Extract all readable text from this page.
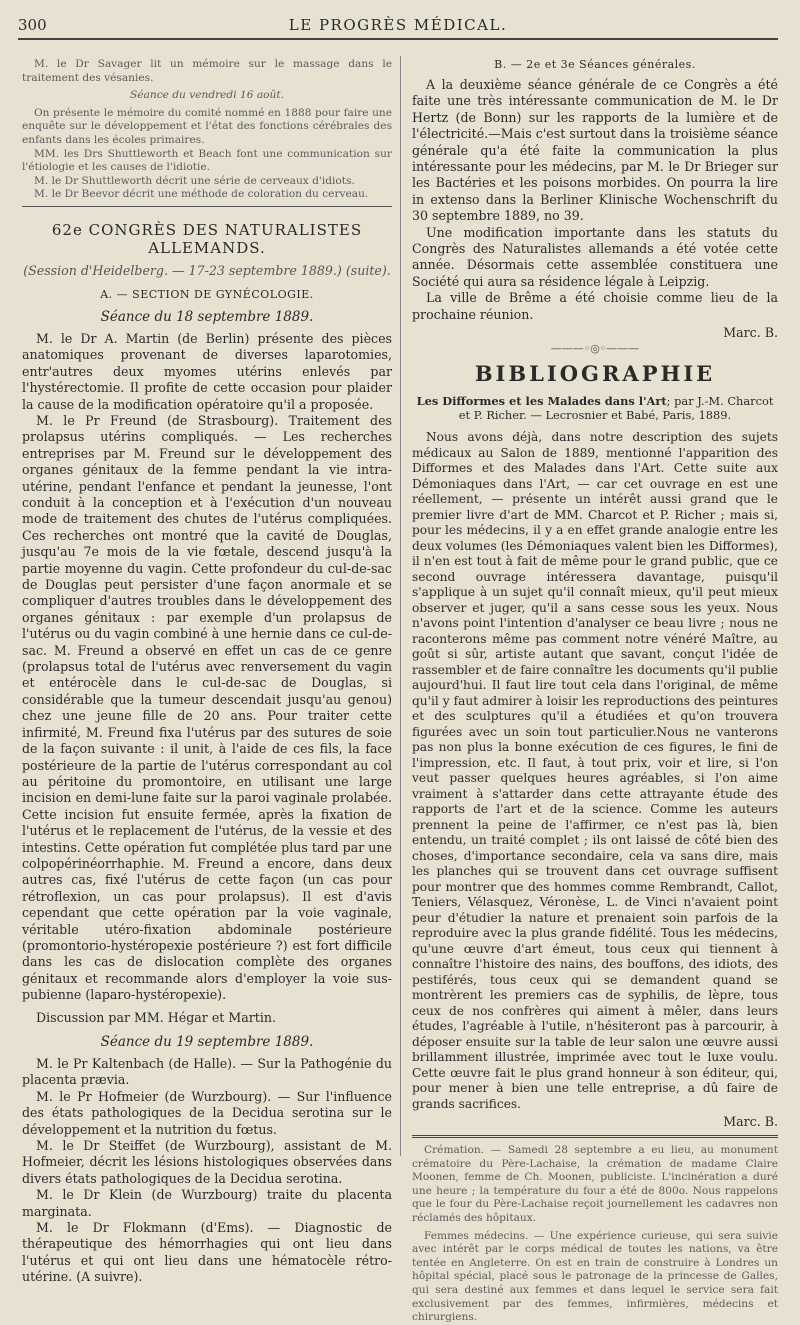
300	LE PROGRÈS MÉDICAL.

M. le Dr Savager lit un mémoire sur le massage dans le traitement des vésanies.

Séance du vendredi 16 août.

On présente le mémoire du comité nommé en 1888 pour faire une enquête sur le développement et l'état des fonctions cérébrales des enfants dans les écoles primaires.

MM. les Drs Shuttleworth et Beach font une communication sur l'étiologie et les causes de l'idiotie.

M. le Dr Shuttleworth décrit une série de cerveaux d'idiots.

M. le Dr Beevor décrit une méthode de coloration du cerveau.

62e CONGRÈS DES NATURALISTES ALLEMANDS.

(Session d'Heidelberg. — 17-23 septembre 1889.) (suite).

A. — SECTION DE GYNÉCOLOGIE.

Séance du 18 septembre 1889.

M. le Dr A. Martin (de Berlin) présente des pièces anatomiques provenant de diverses laparotomies, entr'autres deux myomes utérins enlevés par l'hystérectomie. Il profite de cette occasion pour plaider la cause de la modification opératoire qu'il a proposée.

M. le Pr Freund (de Strasbourg). Traitement des prolapsus utérins compliqués. — Les recherches entreprises par M. Freund sur le développement des organes génitaux de la femme pendant la vie intra-utérine, pendant l'enfance et pendant la jeunesse, l'ont conduit à la conception et à l'exécution d'un nouveau mode de traitement des chutes de l'utérus compliquées. Ces recherches ont montré que la cavité de Douglas, jusqu'au 7e mois de la vie fœtale, descend jusqu'à la partie moyenne du vagin. Cette profondeur du cul-de-sac de Douglas peut persister d'une façon anormale et se compliquer d'autres troubles dans le développement des organes génitaux : par exemple d'un prolapsus de l'utérus ou du vagin combiné à une hernie dans ce cul-de-sac. M. Freund a observé en effet un cas de ce genre (prolapsus total de l'utérus avec renversement du vagin et entérocèle dans le cul-de-sac de Douglas, si considérable que la tumeur descendait jusqu'au genou) chez une jeune fille de 20 ans. Pour traiter cette infirmité, M. Freund fixa l'utérus par des sutures de soie de la façon suivante : il unit, à l'aide de ces fils, la face postérieure de la partie de l'utérus correspondant au col au péritoine du promontoire, en utilisant une large incision en demi-lune faite sur la paroi vaginale prolabée. Cette incision fut ensuite fermée, après la fixation de l'utérus et le replacement de l'utérus, de la vessie et des intestins. Cette opération fut complétée plus tard par une colpopérinéorrhaphie. M. Freund a encore, dans deux autres cas, fixé l'utérus de cette façon (un cas pour rétroflexion, un cas pour prolapsus). Il est d'avis cependant que cette opération par la voie vaginale, véritable utéro-fixation abdominale postérieure (promontorio-hystéropexie postérieure ?) est fort difficile dans les cas de dislocation complète des organes génitaux et recommande alors d'employer la voie sus-pubienne (laparo-hystéropexie).

Discussion par MM. Hégar et Martin.

Séance du 19 septembre 1889.

M. le Pr Kaltenbach (de Halle). — Sur la Pathogénie du placenta prævia.

M. le Pr Hofmeier (de Wurzbourg). — Sur l'influence des états pathologiques de la Decidua serotina sur le développement et la nutrition du fœtus.

M. le Dr Steiffet (de Wurzbourg), assistant de M. Hofmeier, décrit les lésions histologiques observées dans divers états pathologiques de la Decidua serotina.

M. le Dr Klein (de Wurzbourg) traite du placenta marginata.

M. le Dr Flokmann (d'Ems). — Diagnostic de thérapeutique des hémorrhagies qui ont lieu dans l'utérus et qui ont lieu dans une hématocèle rétro-utérine. (A suivre).

B. — 2e et 3e Séances générales.

A la deuxième séance générale de ce Congrès a été faite une très intéressante communication de M. le Dr Hertz (de Bonn) sur les rapports de la lumière et de l'électricité.—Mais c'est surtout dans la troisième séance générale qu'a été faite la communication la plus intéressante pour les médecins, par M. le Dr Brieger sur les Bactéries et les poisons morbides. On pourra la lire in extenso dans la Berliner Klinische Wochenschrift du 30 septembre 1889, no 39.

Une modification importante dans les statuts du Congrès des Naturalistes allemands a été votée cette année. Désormais cette assemblée constituera une Société qui aura sa résidence légale à Leipzig.

La ville de Brême a été choisie comme lieu de la prochaine réunion.

Marc. B.

———◦◎◦———

BIBLIOGRAPHIE

Les Difformes et les Malades dans l'Art; par J.-M. Charcot et P. Richer. — Lecrosnier et Babé, Paris, 1889.

Nous avons déjà, dans notre description des sujets médicaux au Salon de 1889, mentionné l'apparition des Difformes et des Malades dans l'Art. Cette suite aux Démoniaques dans l'Art, — car cet ouvrage en est une réellement, — présente un intérêt aussi grand que le premier livre d'art de MM. Charcot et P. Richer ; mais si, pour les médecins, il y a en effet grande analogie entre les deux volumes (les Démoniaques valent bien les Difformes), il n'en est tout à fait de même pour le grand public, que ce second ouvrage intéressera davantage, puisqu'il s'applique à un sujet qu'il connaît mieux, qu'il peut mieux observer et juger, qu'il a sans cesse sous les yeux. Nous n'avons point l'intention d'analyser ce beau livre ; nous ne raconterons même pas comment notre vénéré Maître, au goût si sûr, artiste autant que savant, conçut l'idée de rassembler et de faire connaître les documents qu'il publie aujourd'hui. Il faut lire tout cela dans l'original, de même qu'il y faut admirer à loisir les reproductions des peintures et des sculptures qu'il a étudiées et qu'on trouvera figurées avec un soin tout particulier.Nous ne vanterons pas non plus la bonne exécution de ces figures, le fini de l'impression, etc. Il faut, à tout prix, voir et lire, si l'on veut passer quelques heures agréables, si l'on aime vraiment à s'attarder dans cette attrayante étude des rapports de l'art et de la science. Comme les auteurs prennent la peine de l'affirmer, ce n'est pas là, bien entendu, un traité complet ; ils ont laissé de côté bien des choses, d'importance secondaire, cela va sans dire, mais les planches qui se trouvent dans cet ouvrage suffisent pour montrer que des hommes comme Rembrandt, Callot, Teniers, Vélasquez, Véronèse, L. de Vinci n'avaient point peur d'étudier la nature et prenaient soin parfois de la reproduire avec la plus grande fidélité. Tous les médecins, qu'une œuvre d'art émeut, tous ceux qui tiennent à connaître l'histoire des nains, des bouffons, des idiots, des pestiférés, tous ceux qui se demandent quand se montrèrent les premiers cas de syphilis, de lèpre, tous ceux de nos confrères qui aiment à mêler, dans leurs études, l'agréable à l'utile, n'hésiteront pas à parcourir, à déposer ensuite sur la table de leur salon une œuvre aussi brillamment illustrée, imprimée avec tout le luxe voulu. Cette œuvre fait le plus grand honneur à son éditeur, qui, pour mener à bien une telle entreprise, a dû faire de grands sacrifices.

Marc. B.

Crémation. — Samedi 28 septembre a eu lieu, au monument crématoire du Père-Lachaise, la crémation de madame Claire Moonen, femme de Ch. Moonen, publiciste. L'incinération a duré une heure ; la température du four a été de 800o. Nous rappelons que le four du Père-Lachaise reçoit journellement les cadavres non réclamés des hôpitaux.

Femmes médecins. — Une expérience curieuse, qui sera suivie avec intérêt par le corps médical de toutes les nations, va être tentée en Angleterre. On est en train de construire à Londres un hôpital spécial, placé sous le patronage de la princesse de Galles, qui sera destiné aux femmes et dans lequel le service sera fait exclusivement par des femmes, infirmières, médecins et chirurgiens.
